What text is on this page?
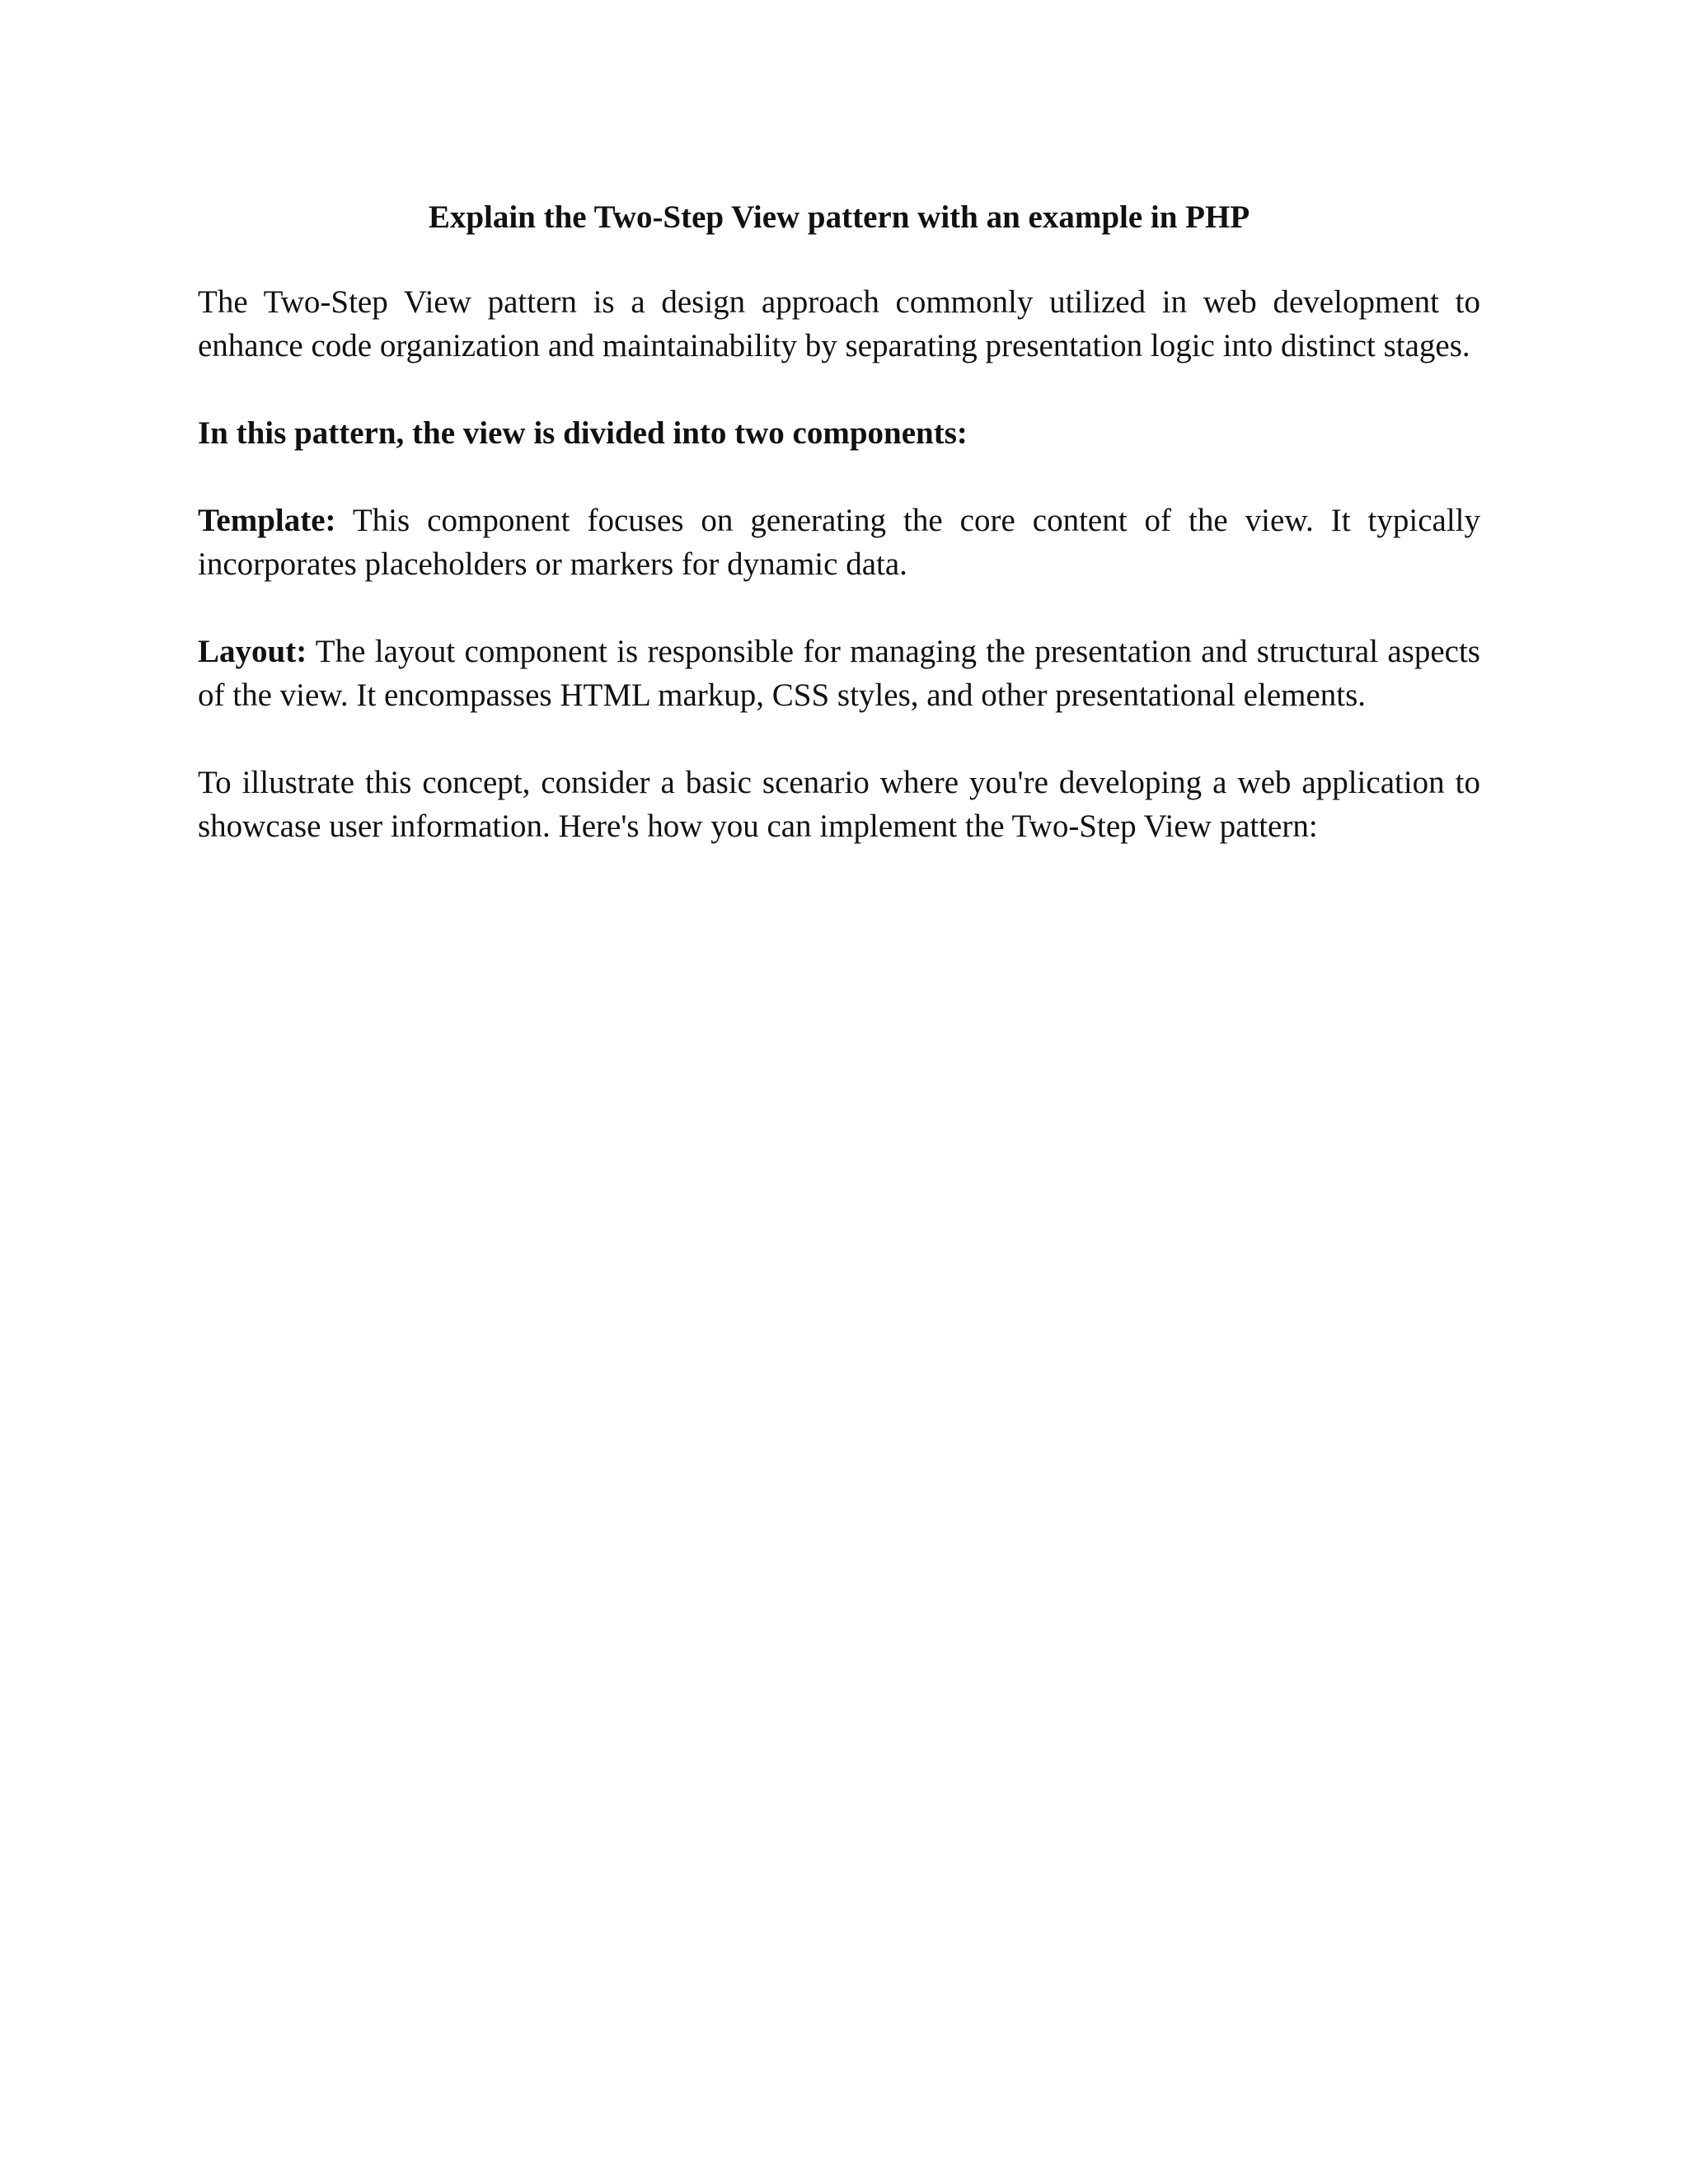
Explain the Two-Step View pattern with an example in PHP

The Two-Step View pattern is a design approach commonly utilized in web development to enhance code organization and maintainability by separating presentation logic into distinct stages.

In this pattern, the view is divided into two components:

Template: This component focuses on generating the core content of the view. It typically incorporates placeholders or markers for dynamic data.

Layout: The layout component is responsible for managing the presentation and structural aspects of the view. It encompasses HTML markup, CSS styles, and other presentational elements.

To illustrate this concept, consider a basic scenario where you're developing a web application to showcase user information. Here's how you can implement the Two-Step View pattern:
